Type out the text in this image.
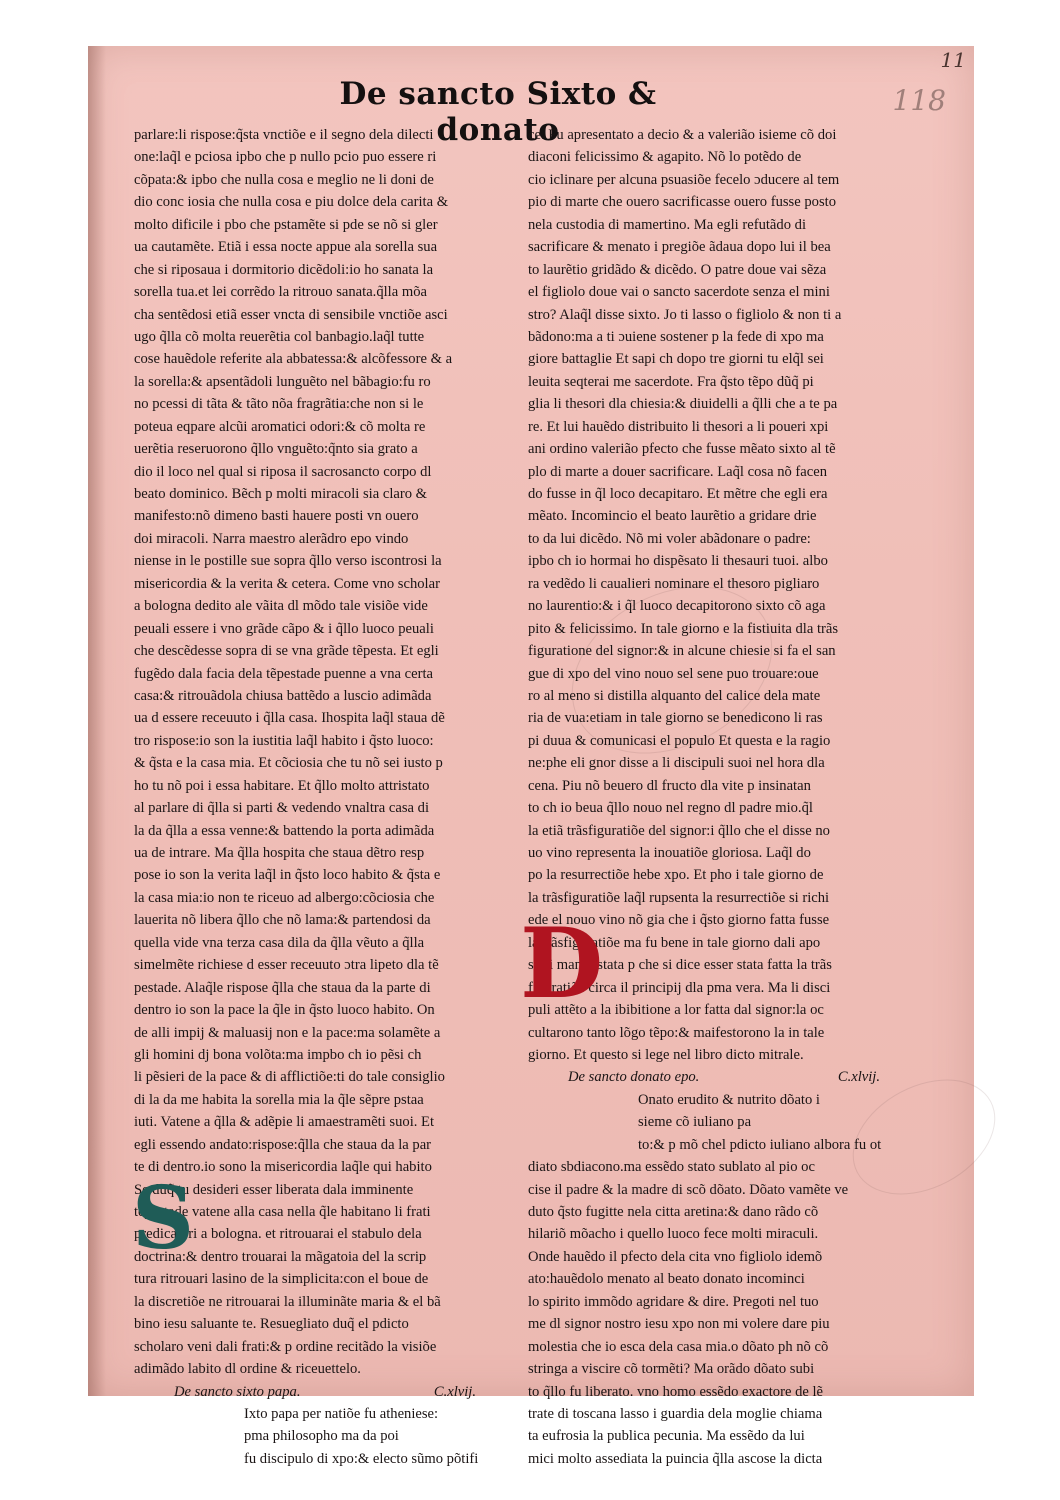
11
118
De sancto Sixto & donato
parlare:li rispose:q̃sta vnctiõe e il segno dela dilecti
one:laq̃l e pciosa ipbo che p nullo pcio puo essere ri
cõpata:& ipbo che nulla cosa e meglio ne li doni de
dio conc iosia che nulla cosa e piu dolce dela carita &
molto dificile i pbo che pstamẽte si pde se nõ si gler
ua cautamẽte. Etiã i essa nocte appue ala sorella sua
che si riposaua i dormitorio dicẽdoli:io ho sanata la
sorella tua.et lei corrẽdo la ritrouo sanata.q̃lla mõa
cha sentẽdosi etiã esser vncta di sensibile vnctiõe asci
ugo q̃lla cõ molta reuerẽtia col banbagio.laq̃l tutte
cose hauẽdole referite ala abbatessa:& alcõfessore & a
la sorella:& apsentãdoli lunguẽto nel bãbagio:fu ro
no pcessi di tãta & tãto nõa fragrãtia:che non si le
poteua eqpare alcũi aromatici odori:& cõ molta re
uerẽtia reseruorono q̃llo vnguẽto:q̃nto sia grato a
dio il loco nel qual si riposa il sacrosancto corpo dl
beato dominico. Bẽch p molti miracoli sia claro &
manifesto:nõ dimeno basti hauere posti vn ouero
doi miracoli. Narra maestro alerãdro epo vindo
niense in le postille sue sopra q̃llo verso iscontrosi la
misericordia & la verita & cetera. Come vno scholar
a bologna dedito ale vãita dl mõdo tale visiõe vide
peuali essere i vno grãde cãpo & i q̃llo luoco peuali
che descẽdesse sopra di se vna grãde tẽpesta. Et egli
fugẽdo dala facia dela tẽpestade puenne a vna certa
casa:& ritrouãdola chiusa battẽdo a luscio adimãda
ua d essere receuuto i q̃lla casa. Ihospita laq̃l staua dẽ
tro rispose:io son la iustitia laq̃l habito i q̃sto luoco:
& q̃sta e la casa mia. Et cõciosia che tu nõ sei iusto p
ho tu nõ poi i essa habitare. Et q̃llo molto attristato
al parlare di q̃lla si parti & vedendo vnaltra casa di
la da q̃lla a essa venne:& battendo la porta adimãda
ua de intrare. Ma q̃lla hospita che staua dẽtro resp
pose io son la verita laq̃l in q̃sto loco habito & q̃sta e
la casa mia:io non te riceuo ad albergo:cõciosia che
lauerita nõ libera q̃llo che nõ lama:& partendosi da
quella vide vna terza casa dila da q̃lla vẽuto a q̃lla
simelmẽte richiese d esser receuuto ɔtra lipeto dla tẽ
pestade. Alaq̃le rispose q̃lla che staua da la parte di
dentro io son la pace la q̃le in q̃sto luoco habito. On
de alli impij & maluasij non e la pace:ma solamẽte a
gli homini dj bona volõta:ma impbo ch io pẽsi ch
li pẽsieri de la pace & di afflictiõe:ti do tale consiglio
di la da me habita la sorella mia la q̃le sẽpre pstaa
iuti. Vatene a q̃lla & adẽpie li amaestramẽti suoi. Et
egli essendo andato:rispose:q̃lla che staua da la par
te di dentro.io sono la misericordia laq̃le qui habito
Se duq̃ tu desideri esser liberata dala imminente
tẽpestade vatene alla casa nella q̃le habitano li frati
predicatori a bologna. et ritrouarai el stabulo dela
doctrina:& dentro trouarai la mãgatoia del la scrip
tura ritrouari lasino de la simplicita:con el boue de
la discretiõe ne ritrouarai la illuminãte maria & el bã
bino iesu saluante te. Resuegliato duq̃ el pdicto
scholaro veni dali frati:& p ordine recitãdo la visiõe
adimãdo labito dl ordine & riceuettelo.
De sancto sixto papa.	C.xlvij.
Ixto papa per natiõe fu atheniese:
pma philosopho ma da poi
fu discipulo di xpo:& electo sũmo põtifi
ce. Fu apresentato a decio & a valerião isieme cõ doi
diaconi felicissimo & agapito. Nõ lo potẽdo de
cio iclinare per alcuna psuasiõe fecelo ɔducere al tem
pio di marte che ouero sacrificasse ouero fusse posto
nela custodia di mamertino. Ma egli refutãdo di
sacrificare & menato i pregiõe ãdaua dopo lui il bea
to laurẽtio gridãdo & dicẽdo. O patre doue vai sẽza
el figliolo doue vai o sancto sacerdote senza el mini
stro? Alaq̃l disse sixto. Jo ti lasso o figliolo & non ti a
bãdono:ma a ti ɔuiene sostener p la fede di xpo ma
giore battaglie Et sapi ch dopo tre giorni tu elq̃l sei
leuita seqterai me sacerdote. Fra q̃sto tẽpo dũq̃ pi
glia li thesori dla chiesia:& diuidelli a q̃lli che a te pa
re. Et lui hauẽdo distribuito li thesori a li poueri xpi
ani ordino valerião pfecto che fusse mẽato sixto al tẽ
plo di marte a douer sacrificare. Laq̃l cosa nõ facen
do fusse in q̃l loco decapitaro. Et mẽtre che egli era
mẽato. Incomincio el beato laurẽtio a gridare drie
to da lui dicẽdo. Nõ mi voler abãdonare o padre:
ipbo ch io hormai ho dispẽsato li thesauri tuoi. albo
ra vedẽdo li caualieri nominare el thesoro pigliaro
no laurentio:& i q̃l luoco decapitorono sixto cõ aga
pito & felicissimo. In tale giorno e la fistiuita dla trãs
figuratione del signor:& in alcune chiesie si fa el san
gue di xpo del vino nouo sel sene puo trouare:oue
ro al meno si distilla alquanto del calice dela mate
ria de vua:etiam in tale giorno se benedicono li ras
pi duua & comunicasi el populo Et questa e la ragio
ne:phe eli gnor disse a li discipuli suoi nel hora dla
cena. Piu nõ beuero dl fructo dla vite p insinatan
to ch io beua q̃llo nouo nel regno dl padre mio.q̃l
la etiã trãsfiguratiõe del signor:i q̃llo che el disse no
uo vino representa la inouatiõe gloriosa. Laq̃l do
po la resurrectiõe hebe xpo. Et pho i tale giorno de
la trãsfiguratiõe laq̃l rupsenta la resurrectiõe si richi
ede el nouo vino nõ gia che i q̃sto giorno fatta fusse
la trãsfiguratiõe ma fu bene in tale giorno dali apo
stoli manifestata p che si dice esser stata fatta la trãs
figuratiõe circa il principij dla pma vera. Ma li disci
puli attẽto a la ibibitione a lor fatta dal signor:la oc
cultarono tanto lõgo tẽpo:& maifestorono la in tale
giorno. Et questo si lege nel libro dicto mitrale.
De sancto donato epo.	C.xlvij.
Onato erudito & nutrito dõato i
sieme cõ iuliano pa
to:& p mõ chel pdicto iuliano albora fu ot
diato sbdiacono.ma essẽdo stato sublato al pio oc
cise il padre & la madre di scõ dõato. Dõato vamẽte ve
duto q̃sto fugitte nela citta aretina:& dano rãdo cõ
hilariõ mõacho i quello luoco fece molti miraculi.
Onde hauẽdo il pfecto dela cita vno figliolo idemõ
ato:hauẽdolo menato al beato donato incominci
lo spirito immõdo agridare & dire. Pregoti nel tuo
me dl signor nostro iesu xpo non mi volere dare piu
molestia che io esca dela casa mia.o dõato ph nõ cõ
stringa a viscire cõ tormẽti? Ma orãdo dõato subi
to q̃llo fu liberato. vno homo essẽdo exactore de lẽ
trate di toscana lasso i guardia dela moglie chiama
ta eufrosia la publica pecunia. Ma essẽdo da lui
mici molto assediata la puincia q̃lla ascose la dicta
S
D
